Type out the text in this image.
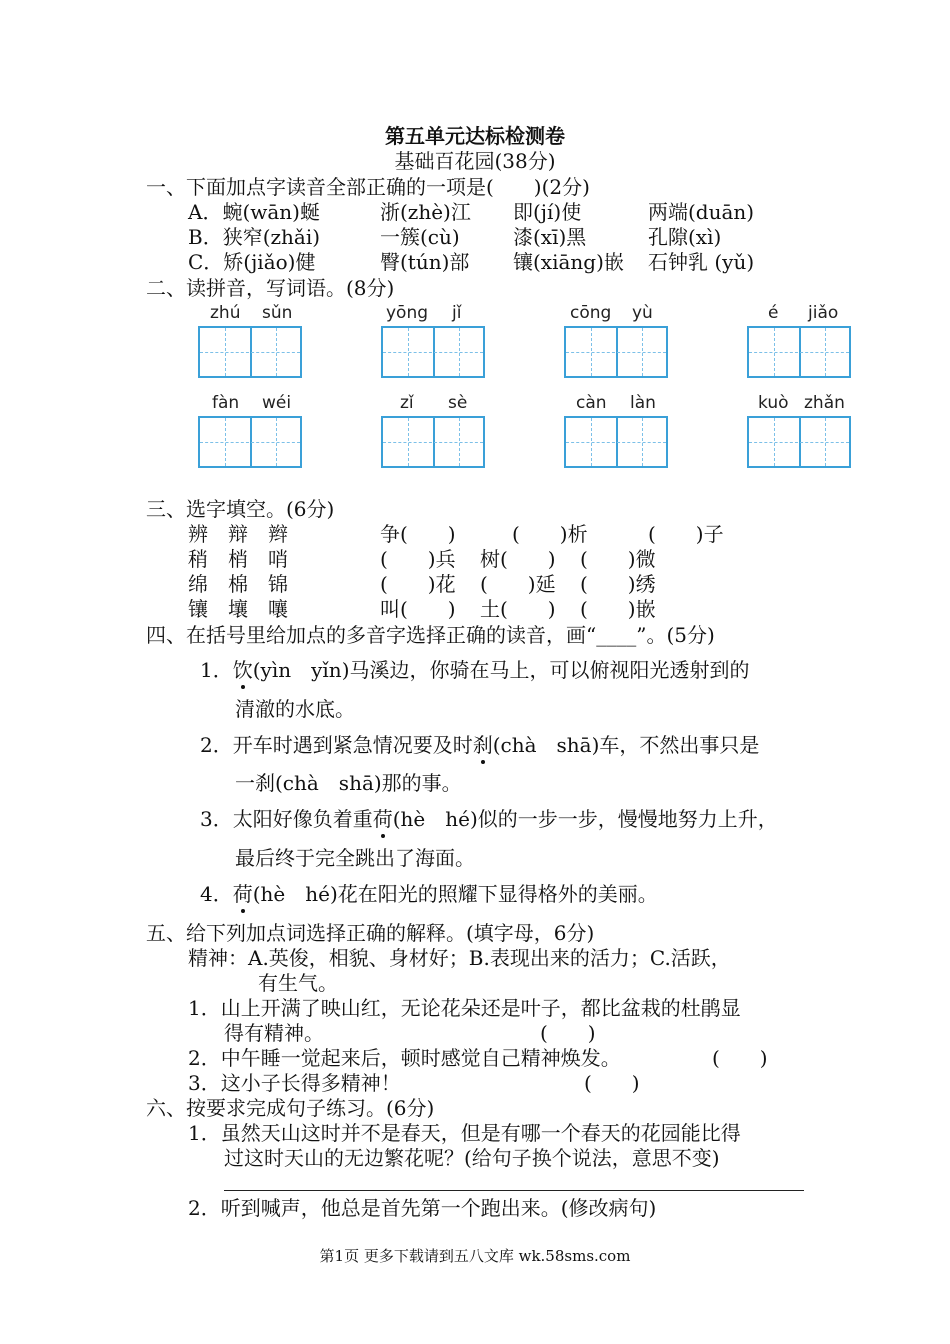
第五单元达标检测卷
基础百花园(38分)
一、下面加点字读音全部正确的一项是(　　)(2分)
A．蜿(wān)蜒	浙(zhè)江 即(jí)使	两端(duān)
B．狭窄(zhǎi)	一簇(cù)	漆(xī)黑	孔隙(xì)
C．矫(jiǎo)健	臀(tún)部 镶(xiāng)嵌 石钟乳 (yǔ)
二、读拼音，写词语。(8分)
zhú sǔn	yōng jǐ	cōng yù	é jiǎo
fàn wéi	zǐ sè	càn làn	kuò zhǎn
三、选字填空。(6分)
辨　辩　辫	争(　　)	(　　)析	(　　)子
稍　梢　哨	(　　)兵 树(　　) (　　)微
绵　棉　锦	(　　)花 (　　)延 (　　)绣
镶　壤　嚷	叫(　　) 土(　　) (　　)嵌
四、在括号里给加点的多音字选择正确的读音，画“____”。(5分)
1．饮(yìn　yǐn)马溪边，你骑在马上，可以俯视阳光透射到的
清澈的水底。
2．开车时遇到紧急情况要及时刹(chà　shā)车，不然出事只是
一刹(chà　shā)那的事。
3．太阳好像负着重荷(hè　hé)似的一步一步，慢慢地努力上升，
最后终于完全跳出了海面。
4．荷(hè　hé)花在阳光的照耀下显得格外的美丽。
五、给下列加点词选择正确的解释。(填字母，6分)
精神：A.英俊，相貌、身材好；B.表现出来的活力；C.活跃，
有生气。
1．山上开满了映山红，无论花朵还是叶子，都比盆栽的杜鹃显
得有精神。	(　　)
2．中午睡一觉起来后，顿时感觉自己精神焕发。	(　　)
3．这小子长得多精神！	(　　)
六、按要求完成句子练习。(6分)
1．虽然天山这时并不是春天，但是有哪一个春天的花园能比得
过这时天山的无边繁花呢？(给句子换个说法，意思不变)
2．听到喊声，他总是首先第一个跑出来。(修改病句)
第1页 更多下载请到五八文库 wk.58sms.com
